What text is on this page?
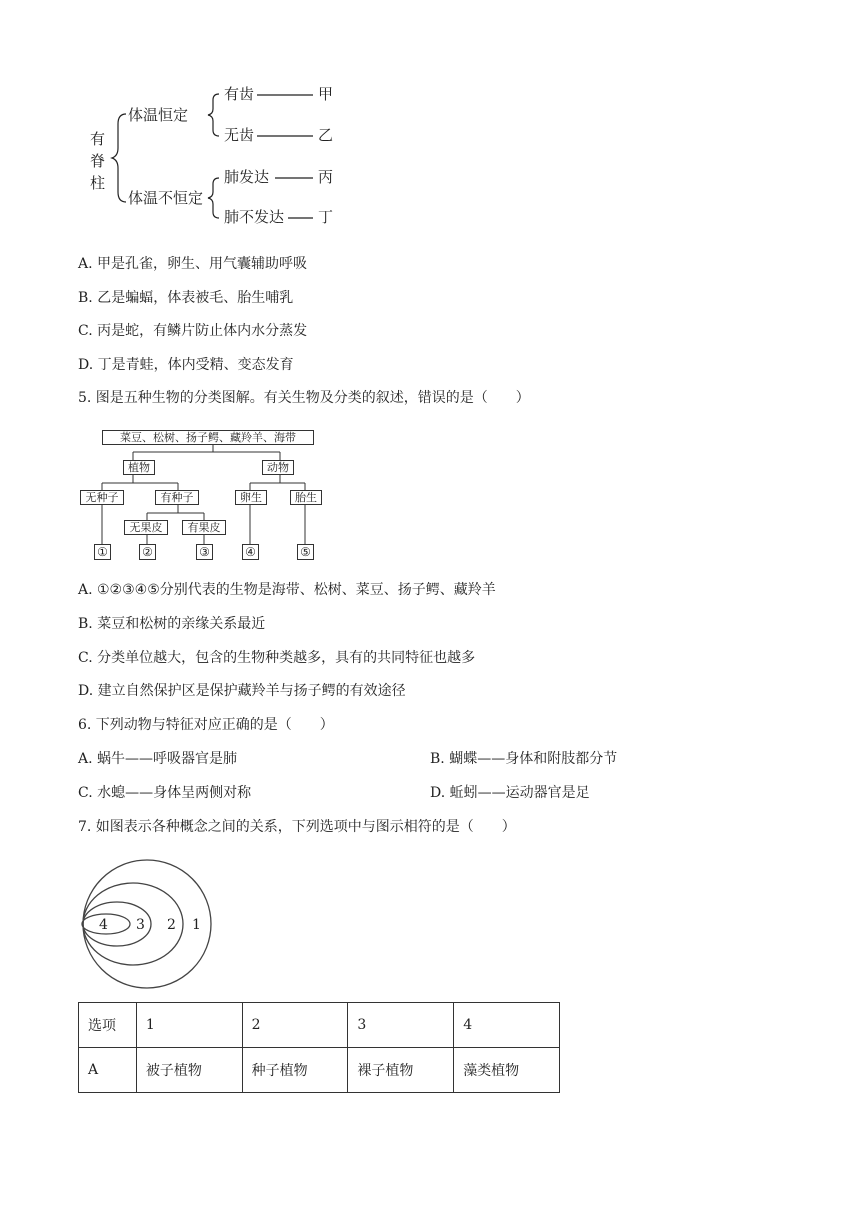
有脊柱
体温恒定
体温不恒定
有齿	甲
无齿	乙
肺发达	丙
肺不发达 丁
A. 甲是孔雀，卵生、用气囊辅助呼吸
B. 乙是蝙蝠，体表被毛、胎生哺乳
C. 丙是蛇，有鳞片防止体内水分蒸发
D. 丁是青蛙，体内受精、变态发育
5. 图是五种生物的分类图解。有关生物及分类的叙述，错误的是（　　）
菜豆、松树、扬子鳄、藏羚羊、海带
植物	动物
无种子	有种子	卵生	胎生
无果皮	有果皮
①	②	③	④	⑤
A. ①②③④⑤分别代表的生物是海带、松树、菜豆、扬子鳄、藏羚羊
B. 菜豆和松树的亲缘关系最近
C. 分类单位越大，包含的生物种类越多，具有的共同特征也越多
D. 建立自然保护区是保护藏羚羊与扬子鳄的有效途径
6. 下列动物与特征对应正确的是（　　）
A. 蜗牛——呼吸器官是肺	B. 蝴蝶——身体和附肢都分节
C. 水螅——身体呈两侧对称	D. 蚯蚓——运动器官是足
7. 如图表示各种概念之间的关系，下列选项中与图示相符的是（　　）
4 3 2 1
选项	1	2	3	4
A	被子植物	种子植物	裸子植物	藻类植物
